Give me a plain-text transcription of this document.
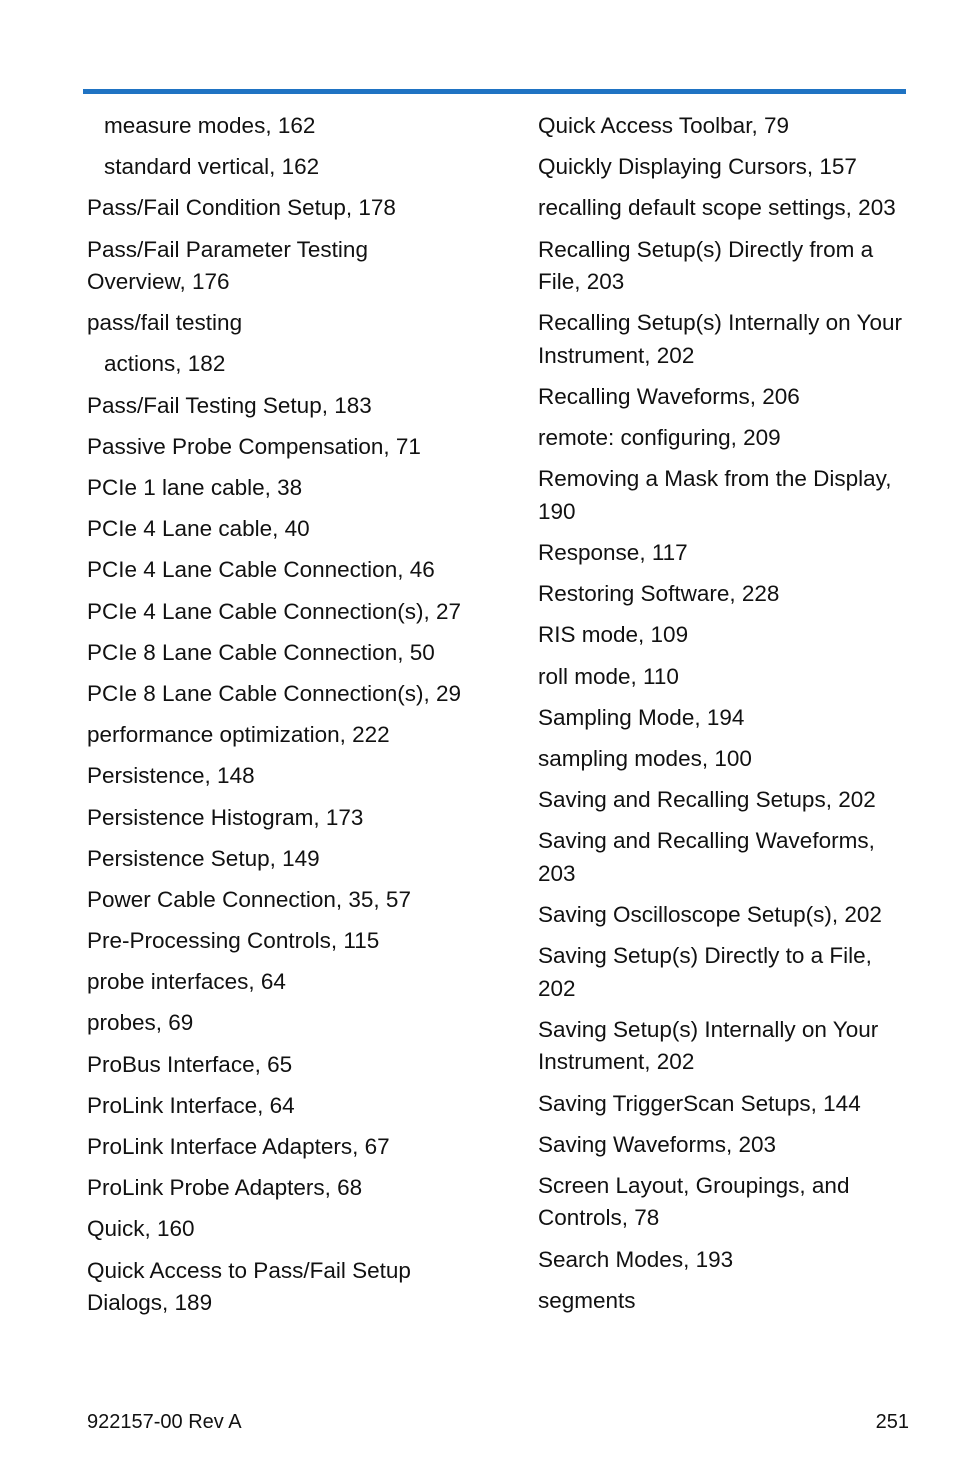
measure modes, 162
standard vertical, 162
Pass/Fail Condition Setup, 178
Pass/Fail Parameter Testing Overview, 176
pass/fail testing
actions, 182
Pass/Fail Testing Setup, 183
Passive Probe Compensation, 71
PCIe 1 lane cable, 38
PCIe 4 Lane cable, 40
PCIe 4 Lane Cable Connection, 46
PCIe 4 Lane Cable Connection(s), 27
PCIe 8 Lane Cable Connection, 50
PCIe 8 Lane Cable Connection(s), 29
performance optimization, 222
Persistence, 148
Persistence Histogram, 173
Persistence Setup, 149
Power Cable Connection, 35, 57
Pre-Processing Controls, 115
probe interfaces, 64
probes, 69
ProBus Interface, 65
ProLink Interface, 64
ProLink Interface Adapters, 67
ProLink Probe Adapters, 68
Quick, 160
Quick Access to Pass/Fail Setup Dialogs, 189
Quick Access Toolbar, 79
Quickly Displaying Cursors, 157
recalling default scope settings, 203
Recalling Setup(s) Directly from a File, 203
Recalling Setup(s) Internally on Your Instrument, 202
Recalling Waveforms, 206
remote: configuring, 209
Removing a Mask from the Display, 190
Response, 117
Restoring Software, 228
RIS mode, 109
roll mode, 110
Sampling Mode, 194
sampling modes, 100
Saving and Recalling Setups, 202
Saving and Recalling Waveforms, 203
Saving Oscilloscope Setup(s), 202
Saving Setup(s) Directly to a File, 202
Saving Setup(s) Internally on Your Instrument, 202
Saving TriggerScan Setups, 144
Saving Waveforms, 203
Screen Layout, Groupings, and Controls, 78
Search Modes, 193
segments
922157-00 Rev A	251
